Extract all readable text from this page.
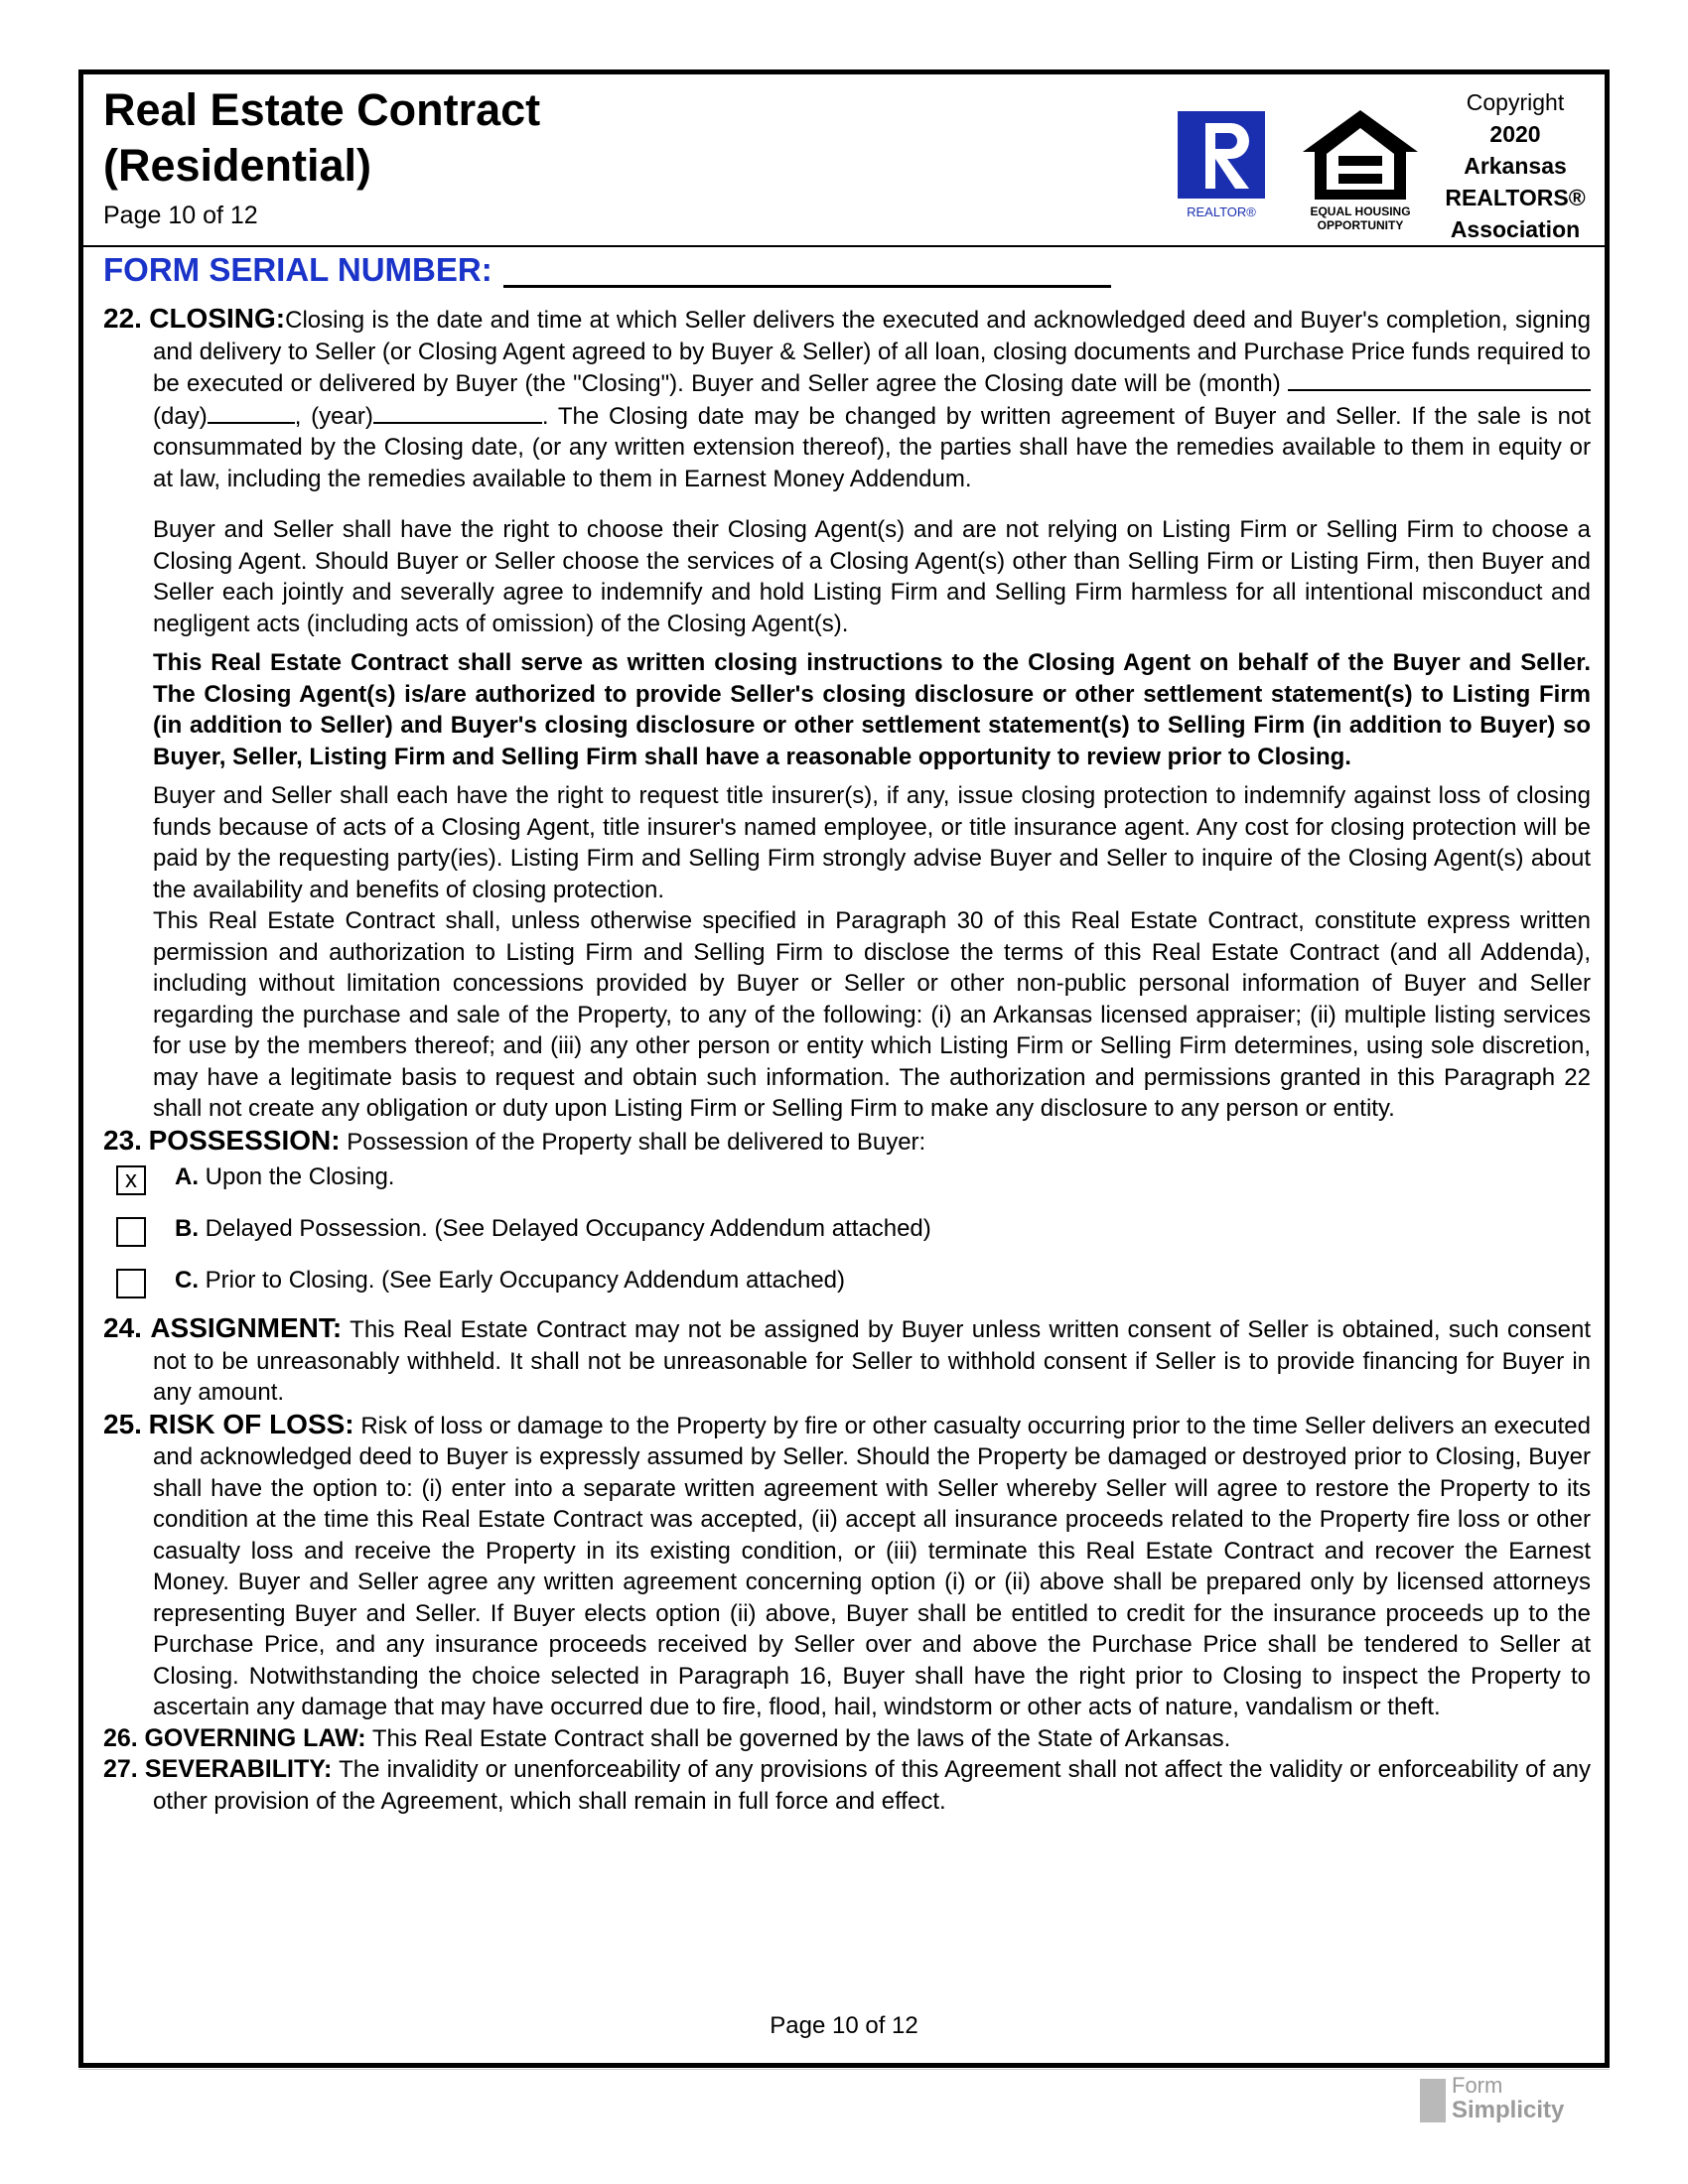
Real Estate Contract
(Residential)
Page 10 of 12	REALTOR®	EQUAL HOUSING
OPPORTUNITY
Copyright
2020
Arkansas
REALTORS®
Association
FORM SERIAL NUMBER:

22. CLOSING:Closing is the date and time at which Seller delivers the executed and acknowledged deed and Buyer's completion, signing and delivery to Seller (or Closing Agent agreed to by Buyer & Seller) of all loan, closing documents and Purchase Price funds required to be executed or delivered by Buyer (the "Closing"). Buyer and Seller agree the Closing date will be (month)  (day)	, (year)	. The Closing date may be changed by written agreement of Buyer and Seller. If the sale is not consummated by the Closing date, (or any written extension thereof), the parties shall have the remedies available to them in equity or at law, including the remedies available to them in Earnest Money Addendum.

Buyer and Seller shall have the right to choose their Closing Agent(s) and are not relying on Listing Firm or Selling Firm to choose a Closing Agent. Should Buyer or Seller choose the services of a Closing Agent(s) other than Selling Firm or Listing Firm, then Buyer and Seller each jointly and severally agree to indemnify and hold Listing Firm and Selling Firm harmless for all intentional misconduct and negligent acts (including acts of omission) of the Closing Agent(s).

This Real Estate Contract shall serve as written closing instructions to the Closing Agent on behalf of the Buyer and Seller. The Closing Agent(s) is/are authorized to provide Seller's closing disclosure or other settlement statement(s) to Listing Firm (in addition to Seller) and Buyer's closing disclosure or other settlement statement(s) to Selling Firm (in addition to Buyer) so Buyer, Seller, Listing Firm and Selling Firm shall have a reasonable opportunity to review prior to Closing.

Buyer and Seller shall each have the right to request title insurer(s), if any, issue closing protection to indemnify against loss of closing funds because of acts of a Closing Agent, title insurer's named employee, or title insurance agent. Any cost for closing protection will be paid by the requesting party(ies). Listing Firm and Selling Firm strongly advise Buyer and Seller to inquire of the Closing Agent(s) about the availability and benefits of closing protection.

This Real Estate Contract shall, unless otherwise specified in Paragraph 30 of this Real Estate Contract, constitute express written permission and authorization to Listing Firm and Selling Firm to disclose the terms of this Real Estate Contract (and all Addenda), including without limitation concessions provided by Buyer or Seller or other non-public personal information of Buyer and Seller regarding the purchase and sale of the Property, to any of the following: (i) an Arkansas licensed appraiser; (ii) multiple listing services for use by the members thereof; and (iii) any other person or entity which Listing Firm or Selling Firm determines, using sole discretion, may have a legitimate basis to request and obtain such information. The authorization and permissions granted in this Paragraph 22 shall not create any obligation or duty upon Listing Firm or Selling Firm to make any disclosure to any person or entity.

23. POSSESSION: Possession of the Property shall be delivered to Buyer:

x	A. Upon the Closing.
B. Delayed Possession. (See Delayed Occupancy Addendum attached)
C. Prior to Closing. (See Early Occupancy Addendum attached)

24. ASSIGNMENT: This Real Estate Contract may not be assigned by Buyer unless written consent of Seller is obtained, such consent not to be unreasonably withheld. It shall not be unreasonable for Seller to withhold consent if Seller is to provide financing for Buyer in any amount.

25. RISK OF LOSS: Risk of loss or damage to the Property by fire or other casualty occurring prior to the time Seller delivers an executed and acknowledged deed to Buyer is expressly assumed by Seller. Should the Property be damaged or destroyed prior to Closing, Buyer shall have the option to: (i) enter into a separate written agreement with Seller whereby Seller will agree to restore the Property to its condition at the time this Real Estate Contract was accepted, (ii) accept all insurance proceeds related to the Property fire loss or other casualty loss and receive the Property in its existing condition, or (iii) terminate this Real Estate Contract and recover the Earnest Money. Buyer and Seller agree any written agreement concerning option (i) or (ii) above shall be prepared only by licensed attorneys representing Buyer and Seller. If Buyer elects option (ii) above, Buyer shall be entitled to credit for the insurance proceeds up to the Purchase Price, and any insurance proceeds received by Seller over and above the Purchase Price shall be tendered to Seller at Closing. Notwithstanding the choice selected in Paragraph 16, Buyer shall have the right prior to Closing to inspect the Property to ascertain any damage that may have occurred due to fire, flood, hail, windstorm or other acts of nature, vandalism or theft.

26. GOVERNING LAW: This Real Estate Contract shall be governed by the laws of the State of Arkansas.

27. SEVERABILITY: The invalidity or unenforceability of any provisions of this Agreement shall not affect the validity or enforceability of any other provision of the Agreement, which shall remain in full force and effect.

Page 10 of 12
Form
Simplicity
